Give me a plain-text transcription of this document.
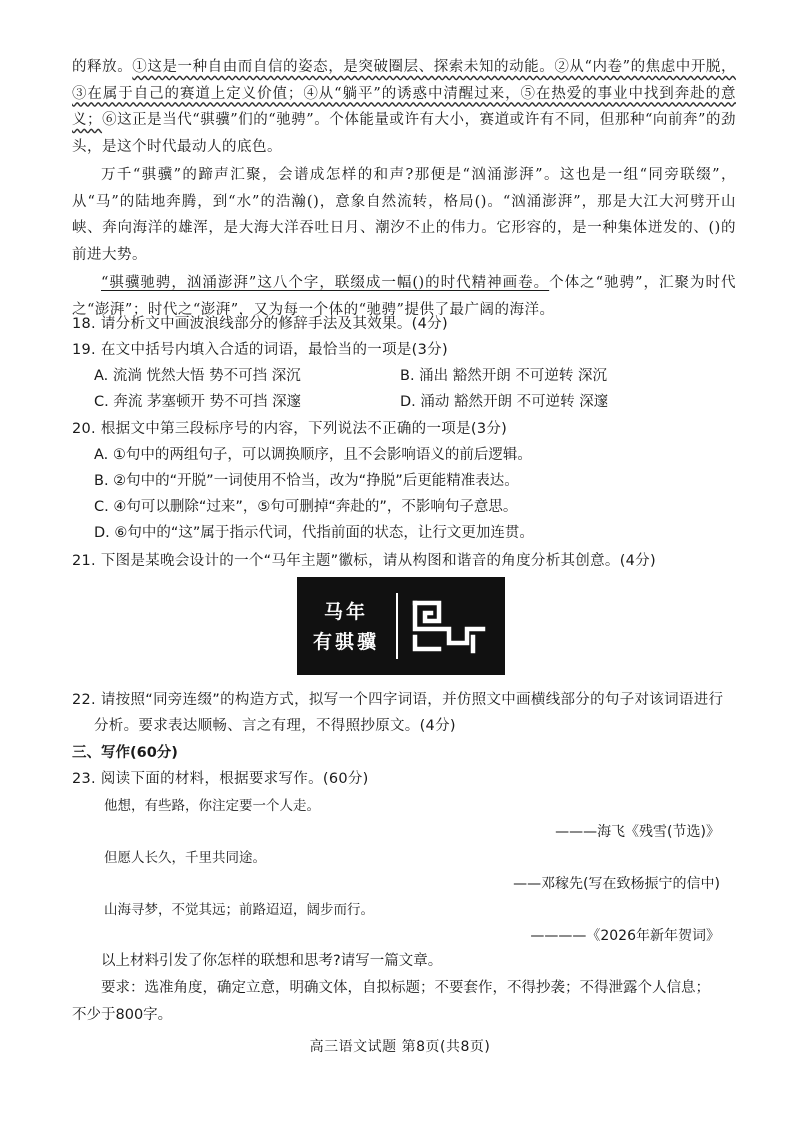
的释放。①这是一种自由而自信的姿态，是突破圈层、探索未知的动能。②从“内卷”的焦虑中开脱，③在属于自己的赛道上定义价值；④从“躺平”的诱惑中清醒过来，⑤在热爱的事业中找到奔赴的意义；⑥这正是当代“骐骥”们的“驰骋”。个体能量或许有大小，赛道或许有不同，但那种“向前奔”的劲头，是这个时代最动人的底色。

万千“骐骥”的蹄声汇聚，会谱成怎样的和声?那便是“汹涌澎湃”。这也是一组“同旁联缀”，从“马”的陆地奔腾，到“水”的浩瀚()，意象自然流转，格局()。“汹涌澎湃”，那是大江大河劈开山峡、奔向海洋的雄浑，是大海大洋吞吐日月、潮汐不止的伟力。它形容的，是一种集体迸发的、()的前进大势。

“骐骥驰骋，汹涌澎湃”这八个字，联缀成一幅()的时代精神画卷。个体之“驰骋”，汇聚为时代之“澎湃”；时代之“澎湃”，又为每一个体的“驰骋”提供了最广阔的海洋。

18. 请分析文中画波浪线部分的修辞手法及其效果。(4分)

19. 在文中括号内填入合适的词语，最恰当的一项是(3分)

A. 流淌 恍然大悟 势不可挡 深沉	B. 涌出 豁然开朗 不可逆转 深沉
C. 奔流 茅塞顿开 势不可挡 深邃	D. 涌动 豁然开朗 不可逆转 深邃

20. 根据文中第三段标序号的内容，下列说法不正确的一项是(3分)

A. ①句中的两组句子，可以调换顺序，且不会影响语义的前后逻辑。
B. ②句中的“开脱”一词使用不恰当，改为“挣脱”后更能精准表达。
C. ④句可以删除“过来”，⑤句可删掉“奔赴的”，不影响句子意思。
D. ⑥句中的“这”属于指示代词，代指前面的状态，让行文更加连贯。

21. 下图是某晚会设计的一个“马年主题”徽标，请从构图和谐音的角度分析其创意。(4分)

马年
有骐骥

22. 请按照“同旁连缀”的构造方式，拟写一个四字词语，并仿照文中画横线部分的句子对该词语进行

分析。要求表达顺畅、言之有理，不得照抄原文。(4分)

三、写作(60分)

23. 阅读下面的材料，根据要求写作。(60分)

他想，有些路，你注定要一个人走。
———海飞《残雪(节选)》
但愿人长久，千里共同途。
——邓稼先(写在致杨振宁的信中)
山海寻梦，不觉其远；前路迢迢，阔步而行。
————《2026年新年贺词》

以上材料引发了你怎样的联想和思考?请写一篇文章。

要求：选准角度，确定立意，明确文体，自拟标题；不要套作，不得抄袭；不得泄露个人信息；

不少于800字。

高三语文试题 第8页(共8页)
